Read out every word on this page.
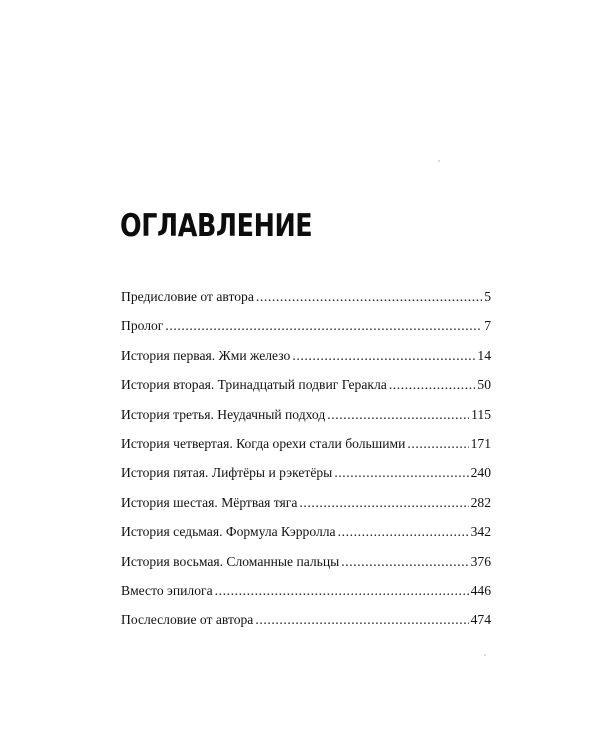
ОГЛАВЛЕНИЕ
Предисловие от автора .....	5
Пролог .....	7
История первая. Жми железо .....	14
История вторая. Тринадцатый подвиг Геракла .....	50
История третья. Неудачный подход .....	115
История четвертая. Когда орехи стали большими .....	171
История пятая. Лифтёры и рэкетёры .....	240
История шестая. Мёртвая тяга .....	282
История седьмая. Формула Кэрролла .....	342
История восьмая. Сломанные пальцы .....	376
Вместо эпилога .....	446
Послесловие от автора .....	474
